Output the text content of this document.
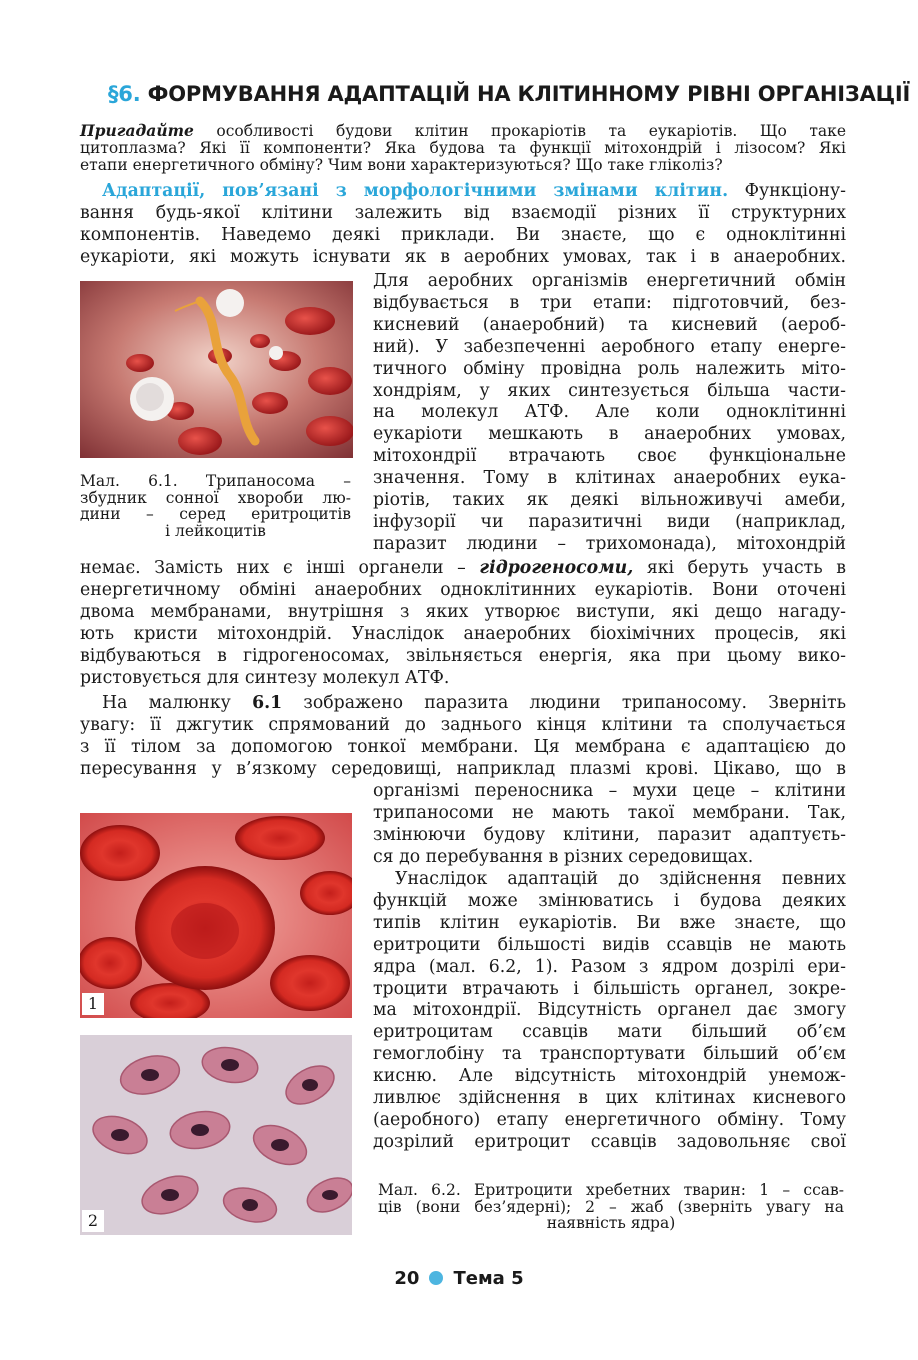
§6. ФОРМУВАННЯ АДАПТАЦІЙ НА КЛІТИННОМУ РІВНІ ОРГАНІЗАЦІЇ
Пригадайте особливості будови клітин прокаріотів та еукаріотів. Що таке
цитоплазма? Які її компоненти? Яка будова та функції мітохондрій і лізосом? Які
етапи енергетичного обміну? Чим вони характеризуються? Що таке гліколіз?
Адаптації, пов’язані з морфологічними змінами клітин. Функціону-
вання будь-якої клітини залежить від взаємодії різних її структурних
компонентів. Наведемо деякі приклади. Ви знаєте, що є одноклітинні
еукаріоти, які можуть існувати як в аеробних умовах, так і в анаеробних.
Мал. 6.1. Трипаносома –
збудник сонної хвороби лю-
дини – серед еритроцитів
і лейкоцитів
Для аеробних організмів енергетичний обмін
відбувається в три етапи: підготовчий, без-
кисневий (анаеробний) та кисневий (аероб-
ний). У забезпеченні аеробного етапу енерге-
тичного обміну провідна роль належить міто-
хондріям, у яких синтезується більша части-
на молекул АТФ. Але коли одноклітинні
еукаріоти мешкають в анаеробних умовах,
мітохондрії втрачають своє функціональне
значення. Тому в клітинах анаеробних еука-
ріотів, таких як деякі вільноживучі амеби,
інфузорії чи паразитичні види (наприклад,
паразит людини – трихомонада), мітохондрій
немає. Замість них є інші органели – гідрогеносоми, які беруть участь в
енергетичному обміні анаеробних одноклітинних еукаріотів. Вони оточені
двома мембранами, внутрішня з яких утворює виступи, які дещо нагаду-
ють кристи мітохондрій. Унаслідок анаеробних біохімічних процесів, які
відбуваються в гідрогеносомах, звільняється енергія, яка при цьому вико-
ристовується для синтезу молекул АТФ.
На малюнку 6.1 зображено паразита людини трипаносому. Зверніть
увагу: її джгутик спрямований до заднього кінця клітини та сполучається
з її тілом за допомогою тонкої мембрани. Ця мембрана є адаптацією до
пересування у в’язкому середовищі, наприклад плазмі крові. Цікаво, що в
організмі переносника – мухи цеце – клітини
трипаносоми не мають такої мембрани. Так,
змінюючи будову клітини, паразит адаптуєть-
ся до перебування в різних середовищах.
Унаслідок адаптацій до здійснення певних
функцій може змінюватись і будова деяких
типів клітин еукаріотів. Ви вже знаєте, що
еритроцити більшості видів ссавців не мають
ядра (мал. 6.2, 1). Разом з ядром дозрілі ери-
троцити втрачають і більшість органел, зокре-
ма мітохондрії. Відсутність органел дає змогу
еритроцитам ссавців мати більший об’єм
гемоглобіну та транспортувати більший об’єм
кисню. Але відсутність мітохондрій унемож-
ливлює здійснення в цих клітинах кисневого
(аеробного) етапу енергетичного обміну. Тому
дозрілий еритроцит ссавців задовольняє свої
1
2
Мал. 6.2. Еритроцити хребетних тварин: 1 – ссав-
ців (вони без’ядерні); 2 – жаб (зверніть увагу на
наявність ядра)
20 Тема 5
